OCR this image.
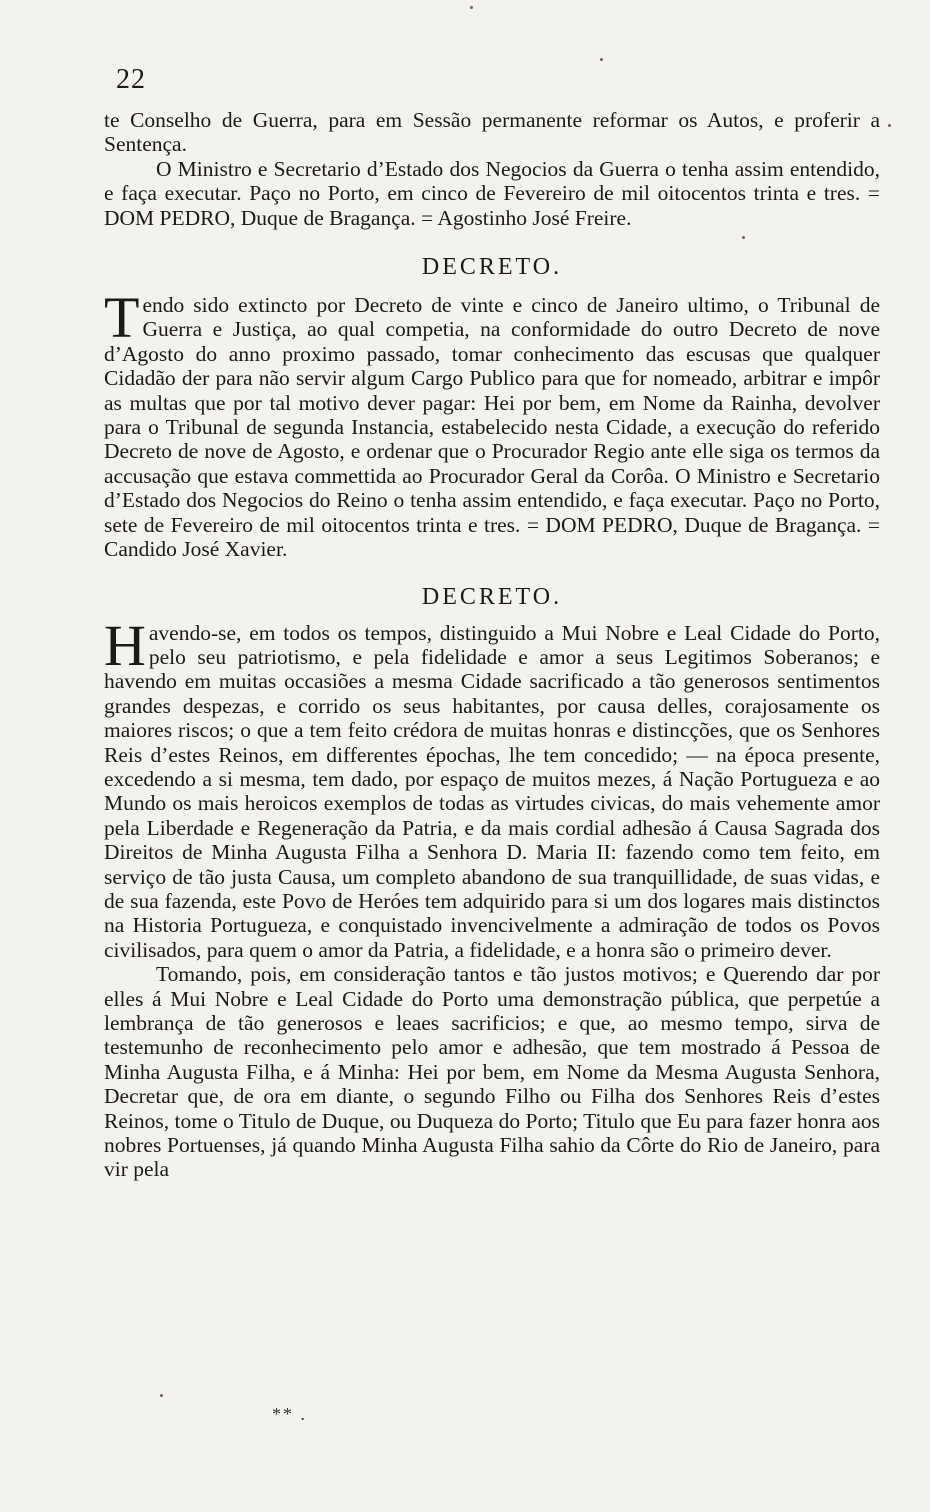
22

te Conselho de Guerra, para em Sessão permanente reformar os Autos, e proferir a Sentença.

O Ministro e Secretario d’Estado dos Negocios da Guerra o tenha assim entendido, e faça executar. Paço no Porto, em cinco de Fevereiro de mil oitocentos trinta e tres. = DOM PEDRO, Duque de Bragança. = Agostinho José Freire.

DECRETO.

Tendo sido extincto por Decreto de vinte e cinco de Janeiro ultimo, o Tribunal de Guerra e Justiça, ao qual competia, na conformidade do outro Decreto de nove d’Agosto do anno proximo passado, tomar conhecimento das escusas que qualquer Cidadão der para não servir algum Cargo Publico para que for nomeado, arbitrar e impôr as multas que por tal motivo dever pagar: Hei por bem, em Nome da Rainha, devolver para o Tribunal de segunda Instancia, estabelecido nesta Cidade, a execução do referido Decreto de nove de Agosto, e ordenar que o Procurador Regio ante elle siga os termos da accusação que estava commettida ao Procurador Geral da Corôa. O Ministro e Secretario d’Estado dos Negocios do Reino o tenha assim entendido, e faça executar. Paço no Porto, sete de Fevereiro de mil oitocentos trinta e tres. = DOM PEDRO, Duque de Bragança. = Candido José Xavier.

DECRETO.

Havendo-se, em todos os tempos, distinguido a Mui Nobre e Leal Cidade do Porto, pelo seu patriotismo, e pela fidelidade e amor a seus Legitimos Soberanos; e havendo em muitas occasiões a mesma Cidade sacrificado a tão generosos sentimentos grandes despezas, e corrido os seus habitantes, por causa delles, corajosamente os maiores riscos; o que a tem feito crédora de muitas honras e distincções, que os Senhores Reis d’estes Reinos, em differentes épochas, lhe tem concedido; — na época presente, excedendo a si mesma, tem dado, por espaço de muitos mezes, á Nação Portugueza e ao Mundo os mais heroicos exemplos de todas as virtudes civicas, do mais vehemente amor pela Liberdade e Regeneração da Patria, e da mais cordial adhesão á Causa Sagrada dos Direitos de Minha Augusta Filha a Senhora D. Maria II: fazendo como tem feito, em serviço de tão justa Causa, um completo abandono de sua tranquillidade, de suas vidas, e de sua fazenda, este Povo de Heróes tem adquirido para si um dos logares mais distinctos na Historia Portugueza, e conquistado invencivelmente a admiração de todos os Povos civilisados, para quem o amor da Patria, a fidelidade, e a honra são o primeiro dever.

Tomando, pois, em consideração tantos e tão justos motivos; e Querendo dar por elles á Mui Nobre e Leal Cidade do Porto uma demonstração pública, que perpetúe a lembrança de tão generosos e leaes sacrificios; e que, ao mesmo tempo, sirva de testemunho de reconhecimento pelo amor e adhesão, que tem mostrado á Pessoa de Minha Augusta Filha, e á Minha: Hei por bem, em Nome da Mesma Augusta Senhora, Decretar que, de ora em diante, o segundo Filho ou Filha dos Senhores Reis d’estes Reinos, tome o Titulo de Duque, ou Duqueza do Porto; Titulo que Eu para fazer honra aos nobres Portuenses, já quando Minha Augusta Filha sahio da Côrte do Rio de Janeiro, para vir pela

** .
